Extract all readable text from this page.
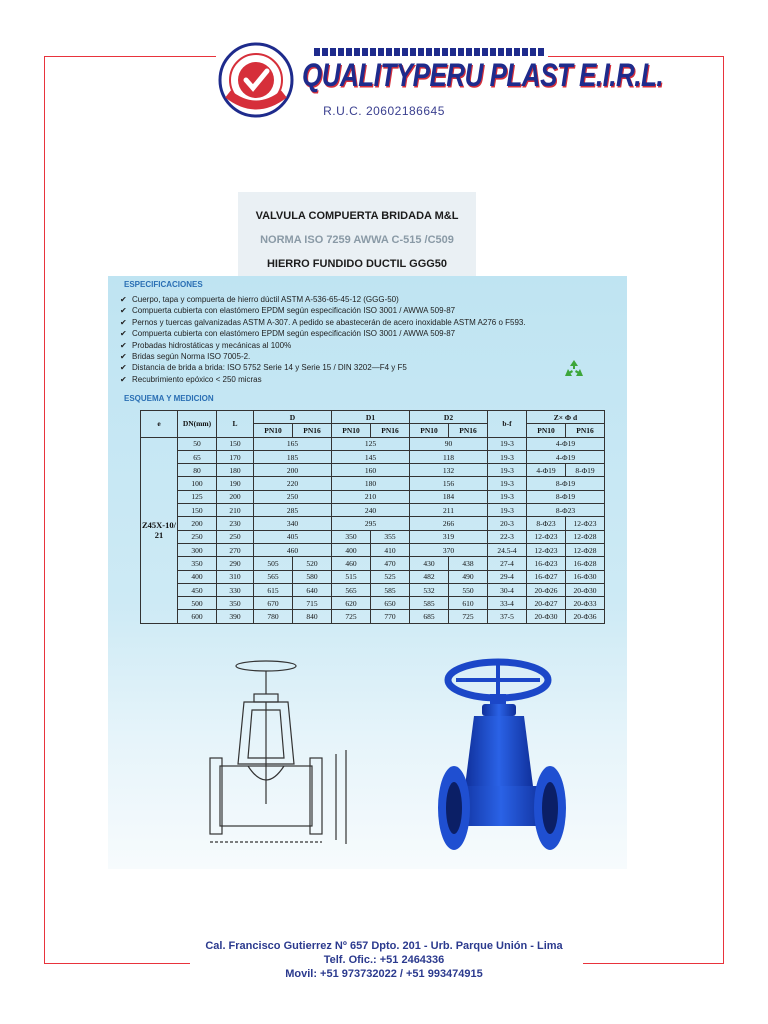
QUALITYPERU PLAST E.I.R.L.
R.U.C. 20602186645
VALVULA COMPUERTA BRIDADA M&L
NORMA ISO 7259 AWWA C-515 /C509
HIERRO FUNDIDO DUCTIL GGG50
ESPECIFICACIONES
✔ Cuerpo, tapa y compuerta de hierro dúctil ASTM A-536-65-45-12 (GGG-50)
✔ Compuerta cubierta con elastómero EPDM según especificación ISO 3001 / AWWA 509-87
✔ Pernos y tuercas galvanizadas ASTM A-307. A pedido se abastecerán de acero inoxidable ASTM A276 o F593.
✔ Compuerta cubierta con elastómero EPDM según especificación ISO 3001 / AWWA 509-87
✔ Probadas hidrostáticas y mecánicas al 100%
✔ Bridas según Norma ISO 7005-2.
✔ Distancia de brida a brida: ISO 5752 Serie 14 y Serie 15 / DIN 3202—F4 y F5
✔ Recubrimiento epóxico < 250 micras
ESQUEMA Y MEDICION
e	DN(mm)	L	D		D1		D2		b-f	Z× Φ d	
			PN10	PN16	PN10	PN16	PN10	PN16		PN10	PN16
Z45X-10/21	50	150	165		125		90		19-3	4-Φ19	
	65	170	185		145		118		19-3	4-Φ19	
	80	180	200		160		132		19-3	4-Φ19	8-Φ19
	100	190	220		180		156		19-3	8-Φ19	
	125	200	250		210		184		19-3	8-Φ19	
	150	210	285		240		211		19-3	8-Φ23	
	200	230	340		295		266		20-3	8-Φ23	12-Φ23
	250	250	405		350	355	319		22-3	12-Φ23	12-Φ28
	300	270	460		400	410	370		24.5-4	12-Φ23	12-Φ28
	350	290	505	520	460	470	430	438	27-4	16-Φ23	16-Φ28
	400	310	565	580	515	525	482	490	29-4	16-Φ27	16-Φ30
	450	330	615	640	565	585	532	550	30-4	20-Φ26	20-Φ30
	500	350	670	715	620	650	585	610	33-4	20-Φ27	20-Φ33
	600	390	780	840	725	770	685	725	37-5	20-Φ30	20-Φ36
Cal. Francisco Gutierrez Nº 657 Dpto. 201 - Urb. Parque Unión - Lima
Telf. Ofic.: +51 2464336
Movil: +51 973732022 / +51 993474915
